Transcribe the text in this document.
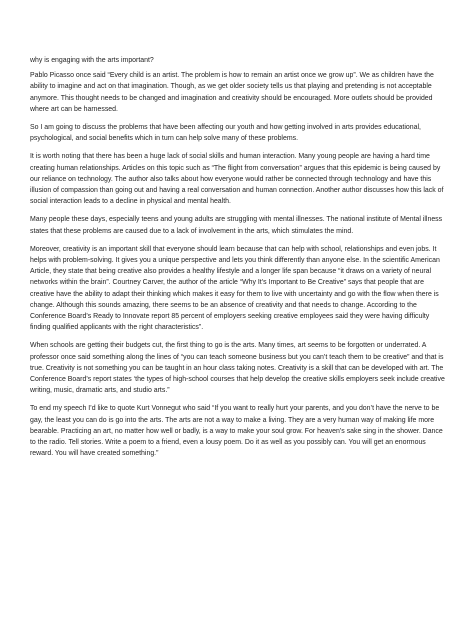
why is engaging with the arts important?

Pablo Picasso once said “Every child is an artist. The problem is how to remain an artist once we grow up”. We as children have the ability to imagine and act on that imagination. Though, as we get older society tells us that playing and pretending is not acceptable anymore. This thought needs to be changed and imagination and creativity should be encouraged. More outlets should be provided where art can be harnessed.

So I am going to discuss the problems that have been affecting our youth and how getting involved in arts provides educational, psychological, and social benefits which in turn can help solve many of these problems.

It is worth noting that there has been a huge lack of social skills and human interaction. Many young people are having a hard time creating human relationships. Articles on this topic such as “The flight from conversation” argues that this epidemic is being caused by our reliance on technology. The author also talks about how everyone would rather be connected through technology and have this illusion of compassion than going out and having a real conversation and human connection. Another author discusses how this lack of social interaction leads to a decline in physical and mental health.

Many people these days, especially teens and young adults are struggling with mental illnesses. The national institute of Mental illness states that these problems are caused due to a lack of involvement in the arts, which stimulates the mind.

Moreover, creativity is an important skill that everyone should learn because that can help with school, relationships and even jobs. It helps with problem-solving. It gives you a unique perspective and lets you think differently than anyone else. In the scientific American Article, they state that being creative also provides a healthy lifestyle and a longer life span because “it draws on a variety of neural networks within the brain”. Courtney Carver, the author of the article “Why It’s Important to Be Creative” says that people that are creative have the ability to adapt their thinking which makes it easy for them to live with uncertainty and go with the flow when there is change. Although this sounds amazing, there seems to be an absence of creativity and that needs to change. According to the Conference Board’s Ready to Innovate report 85 percent of employers seeking creative employees said they were having difficulty finding qualified applicants with the right characteristics”.

When schools are getting their budgets cut, the first thing to go is the arts. Many times, art seems to be forgotten or underrated. A professor once said something along the lines of “you can teach someone business but you can’t teach them to be creative” and that is true. Creativity is not something you can be taught in an hour class taking notes. Creativity is a skill that can be developed with art. The Conference Board’s report states ‘the types of high-school courses that help develop the creative skills employers seek include creative writing, music, dramatic arts, and studio arts.”

To end my speech I’d like to quote Kurt Vonnegut who said “If you want to really hurt your parents, and you don’t have the nerve to be gay, the least you can do is go into the arts. The arts are not a way to make a living. They are a very human way of making life more bearable. Practicing an art, no matter how well or badly, is a way to make your soul grow. For heaven’s sake sing in the shower. Dance to the radio. Tell stories. Write a poem to a friend, even a lousy poem. Do it as well as you possibly can. You will get an enormous reward. You will have created something.”
